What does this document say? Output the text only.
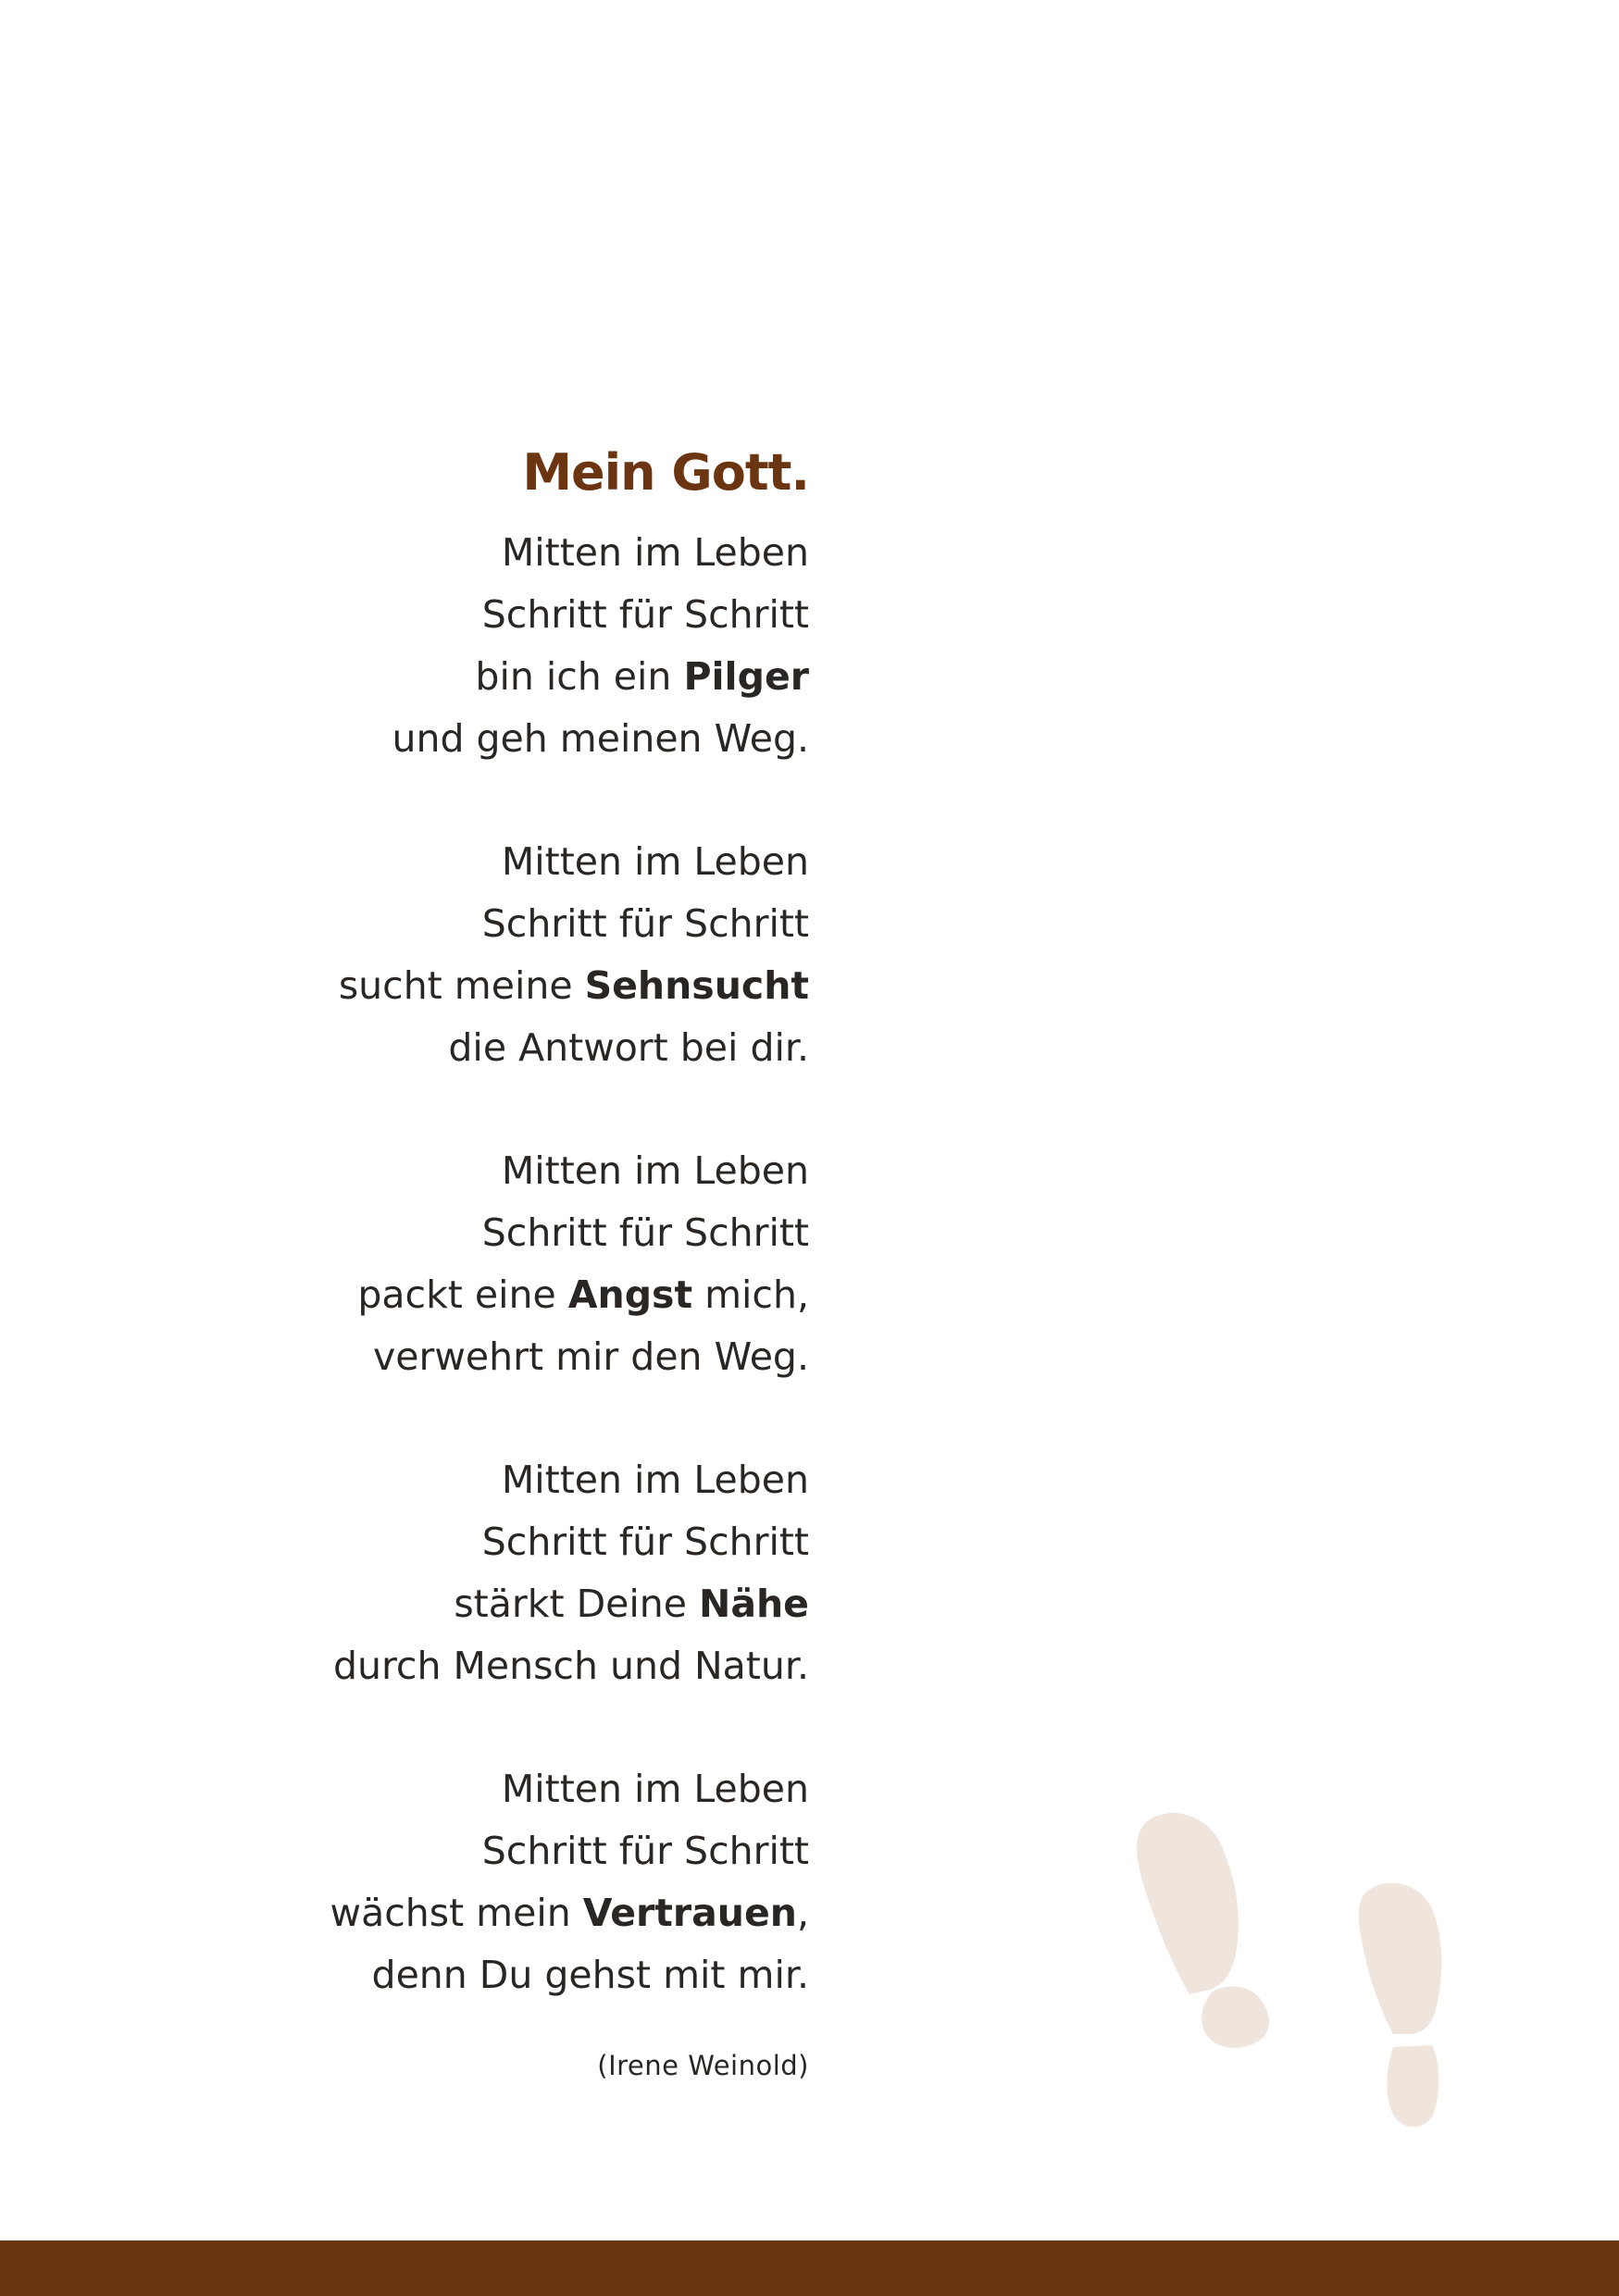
Mein Gott.
Mitten im Leben
Schritt für Schritt
bin ich ein Pilger
und geh meinen Weg.
Mitten im Leben
Schritt für Schritt
sucht meine Sehnsucht
die Antwort bei dir.
Mitten im Leben
Schritt für Schritt
packt eine Angst mich,
verwehrt mir den Weg.
Mitten im Leben
Schritt für Schritt
stärkt Deine Nähe
durch Mensch und Natur.
Mitten im Leben
Schritt für Schritt
wächst mein Vertrauen,
denn Du gehst mit mir.

(Irene Weinold)
